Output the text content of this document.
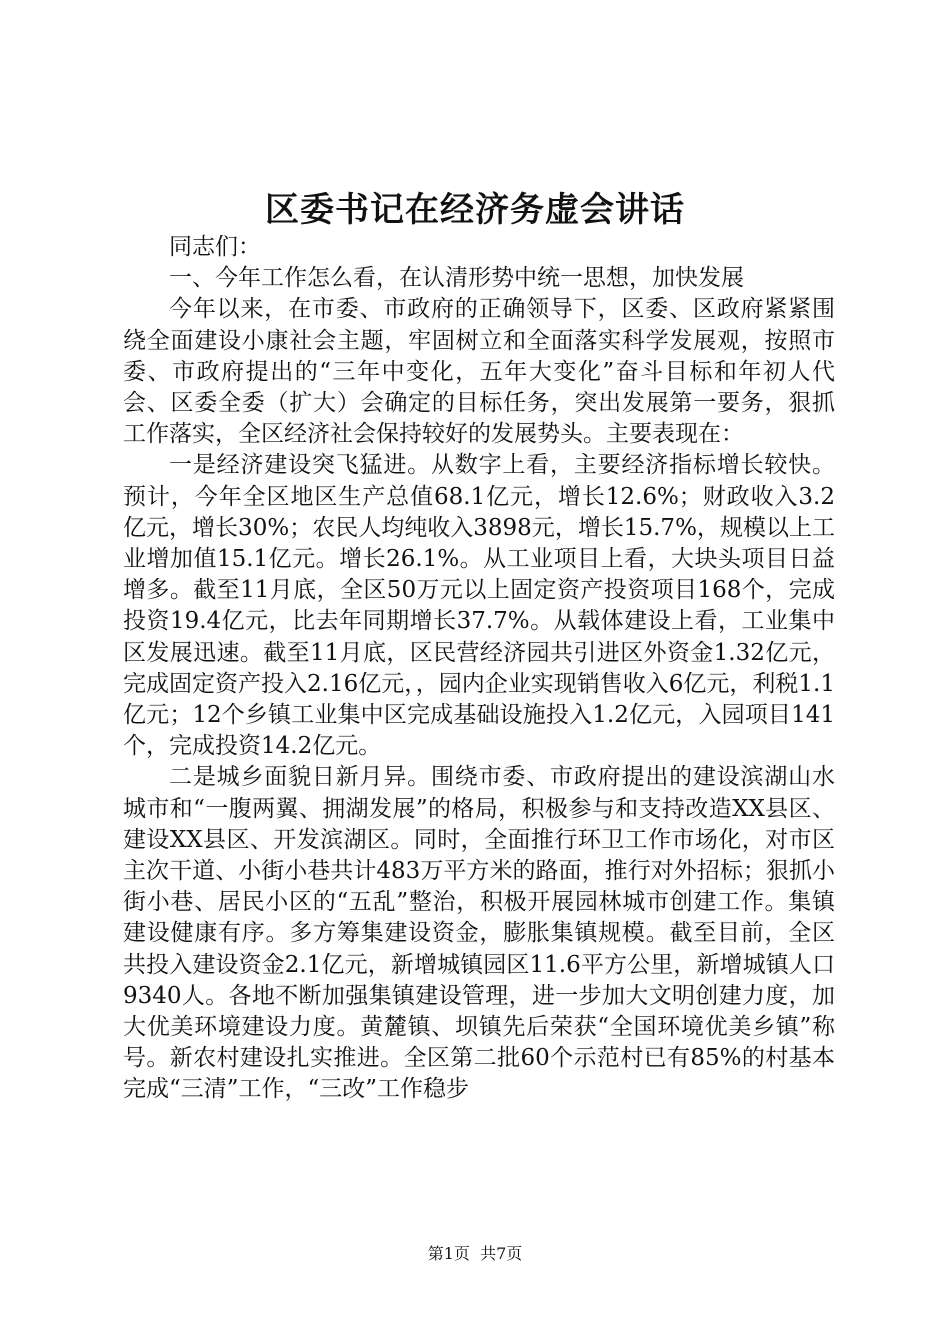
区委书记在经济务虚会讲话

同志们：

一、今年工作怎么看，在认清形势中统一思想，加快发展

今年以来，在市委、市政府的正确领导下，区委、区政府紧紧围绕全面建设小康社会主题，牢固树立和全面落实科学发展观，按照市委、市政府提出的“三年中变化，五年大变化”奋斗目标和年初人代会、区委全委（扩大）会确定的目标任务，突出发展第一要务，狠抓工作落实，全区经济社会保持较好的发展势头。主要表现在：

一是经济建设突飞猛进。从数字上看，主要经济指标增长较快。预计，今年全区地区生产总值68.1亿元，增长12.6%；财政收入3.2亿元，增长30%；农民人均纯收入3898元，增长15.7%，规模以上工业增加值15.1亿元。增长26.1%。从工业项目上看，大块头项目日益增多。截至11月底，全区50万元以上固定资产投资项目168个，完成投资19.4亿元，比去年同期增长37.7%。从载体建设上看，工业集中区发展迅速。截至11月底，区民营经济园共引进区外资金1.32亿元，完成固定资产投入2.16亿元，，园内企业实现销售收入6亿元，利税1.1亿元；12个乡镇工业集中区完成基础设施投入1.2亿元，入园项目141个，完成投资14.2亿元。

二是城乡面貌日新月异。围绕市委、市政府提出的建设滨湖山水城市和“一腹两翼、拥湖发展”的格局，积极参与和支持改造XX县区、建设XX县区、开发滨湖区。同时，全面推行环卫工作市场化，对市区主次干道、小街小巷共计483万平方米的路面，推行对外招标；狠抓小街小巷、居民小区的“五乱”整治，积极开展园林城市创建工作。集镇建设健康有序。多方筹集建设资金，膨胀集镇规模。截至目前，全区共投入建设资金2.1亿元，新增城镇园区11.6平方公里，新增城镇人口9340人。各地不断加强集镇建设管理，进一步加大文明创建力度，加大优美环境建设力度。黄麓镇、坝镇先后荣获“全国环境优美乡镇”称号。新农村建设扎实推进。全区第二批60个示范村已有85%的村基本完成“三清”工作，“三改”工作稳步

第1页  共7页
